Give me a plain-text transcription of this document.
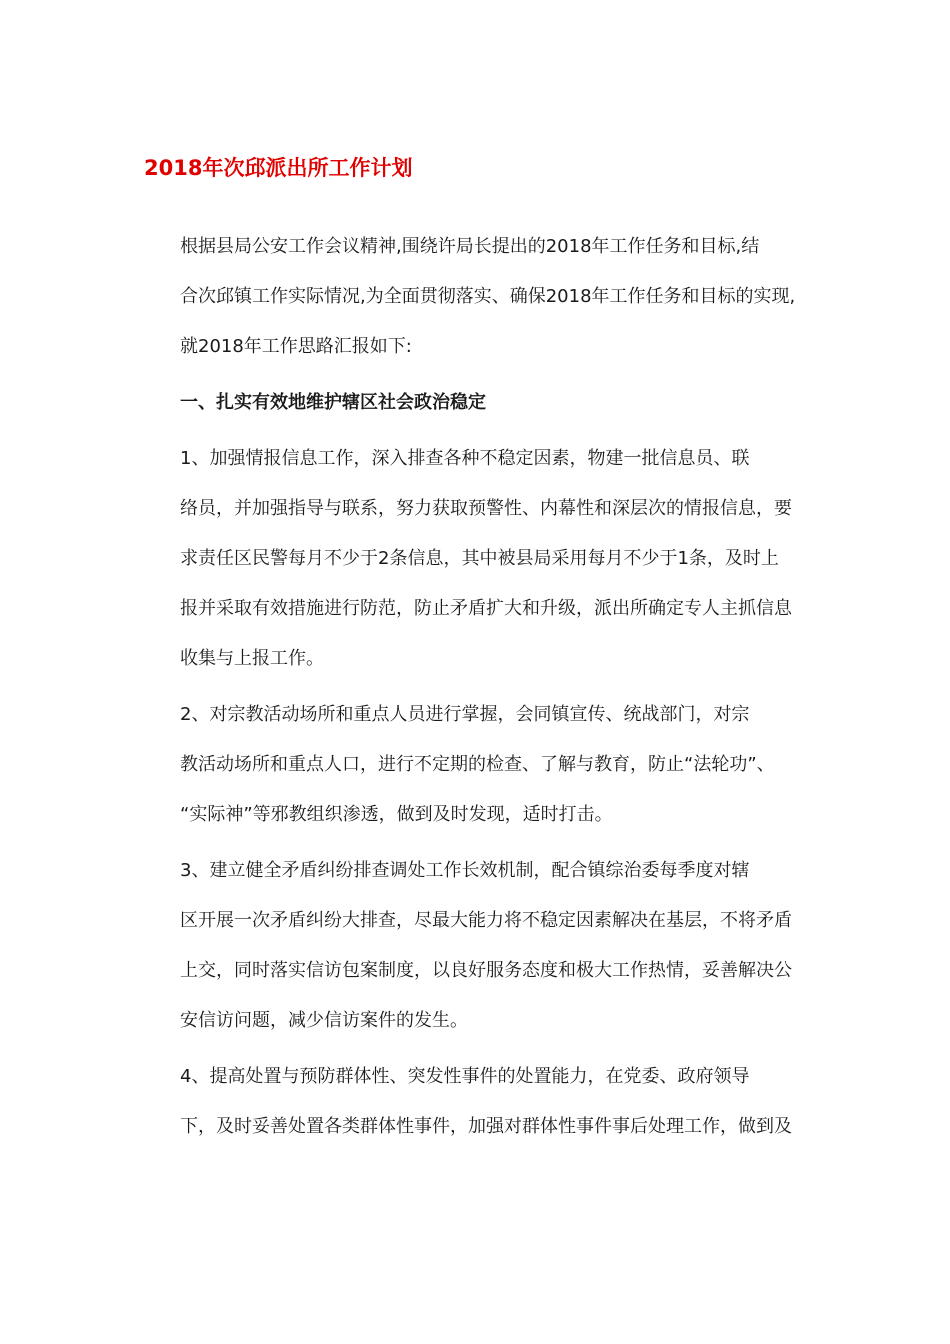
2018年次邱派出所工作计划
根据县局公安工作会议精神,围绕许局长提出的2018年工作任务和目标,结
合次邱镇工作实际情况,为全面贯彻落实、确保2018年工作任务和目标的实现,
就2018年工作思路汇报如下:
一、扎实有效地维护辖区社会政治稳定
1、加强情报信息工作，深入排查各种不稳定因素，物建一批信息员、联
络员，并加强指导与联系，努力获取预警性、内幕性和深层次的情报信息，要
求责任区民警每月不少于2条信息，其中被县局采用每月不少于1条，及时上
报并采取有效措施进行防范，防止矛盾扩大和升级，派出所确定专人主抓信息
收集与上报工作。
2、对宗教活动场所和重点人员进行掌握，会同镇宣传、统战部门，对宗
教活动场所和重点人口，进行不定期的检查、了解与教育，防止“法轮功”、
“实际神”等邪教组织渗透，做到及时发现，适时打击。
3、建立健全矛盾纠纷排查调处工作长效机制，配合镇综治委每季度对辖
区开展一次矛盾纠纷大排查，尽最大能力将不稳定因素解决在基层，不将矛盾
上交，同时落实信访包案制度，以良好服务态度和极大工作热情，妥善解决公
安信访问题，减少信访案件的发生。
4、提高处置与预防群体性、突发性事件的处置能力，在党委、政府领导
下，及时妥善处置各类群体性事件，加强对群体性事件事后处理工作，做到及
